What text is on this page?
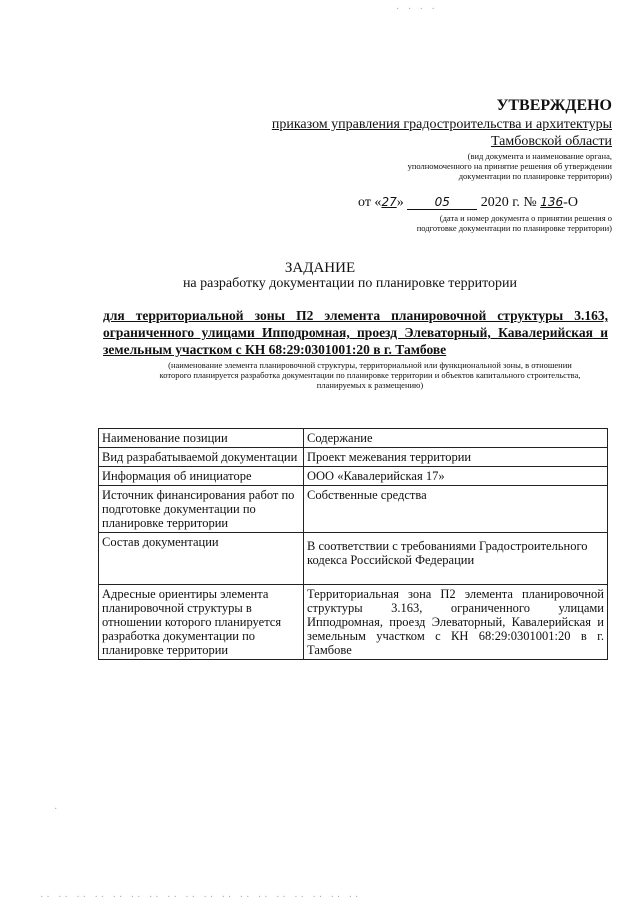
· · · ·
УТВЕРЖДЕНО
приказом управления градостроительства и архитектуры
Тамбовской области
(вид документа и наименование органа,
уполномоченного на принятие решения об утверждении
документации по планировке территории)
от «27»	05 2020 г. № 136-О
(дата и номер документа о принятии решения о
подготовке документации по планировке территории)
ЗАДАНИЕ
на разработку документации по планировке территории
для территориальной зоны П2 элемента планировочной структуры 3.163,
ограниченного улицами Ипподромная, проезд Элеваторный, Кавалерийская и
земельным участком с КН 68:29:0301001:20 в г. Тамбове
(наименование элемента планировочной структуры, территориальной или функциональной зоны, в отношении
которого планируется разработка документации по планировке территории и объектов капитального строительства,
планируемых к размещению)
Наименование позиции	Содержание
Вид разрабатываемой документации	Проект межевания территории
Информация об инициаторе	ООО «Кавалерийская 17»
Источник финансирования работ по подготовке документации по планировке территории	Собственные средства
Состав документации	В соответствии с требованиями Градостроительного кодекса Российской Федерации
Адресные ориентиры элемента планировочной структуры в отношении которого планируется разработка документации по планировке территории	Территориальная зона П2 элемента планировочной структуры 3.163, ограниченного улицами Ипподромная, проезд Элеваторный, Кавалерийская и земельным участком с КН 68:29:0301001:20 в г. Тамбове
·
·· ·· ·· ·· ·· ·· ·· ·· ·· ·· ·· ·· ·· ·· ·· ·· ·· ··
